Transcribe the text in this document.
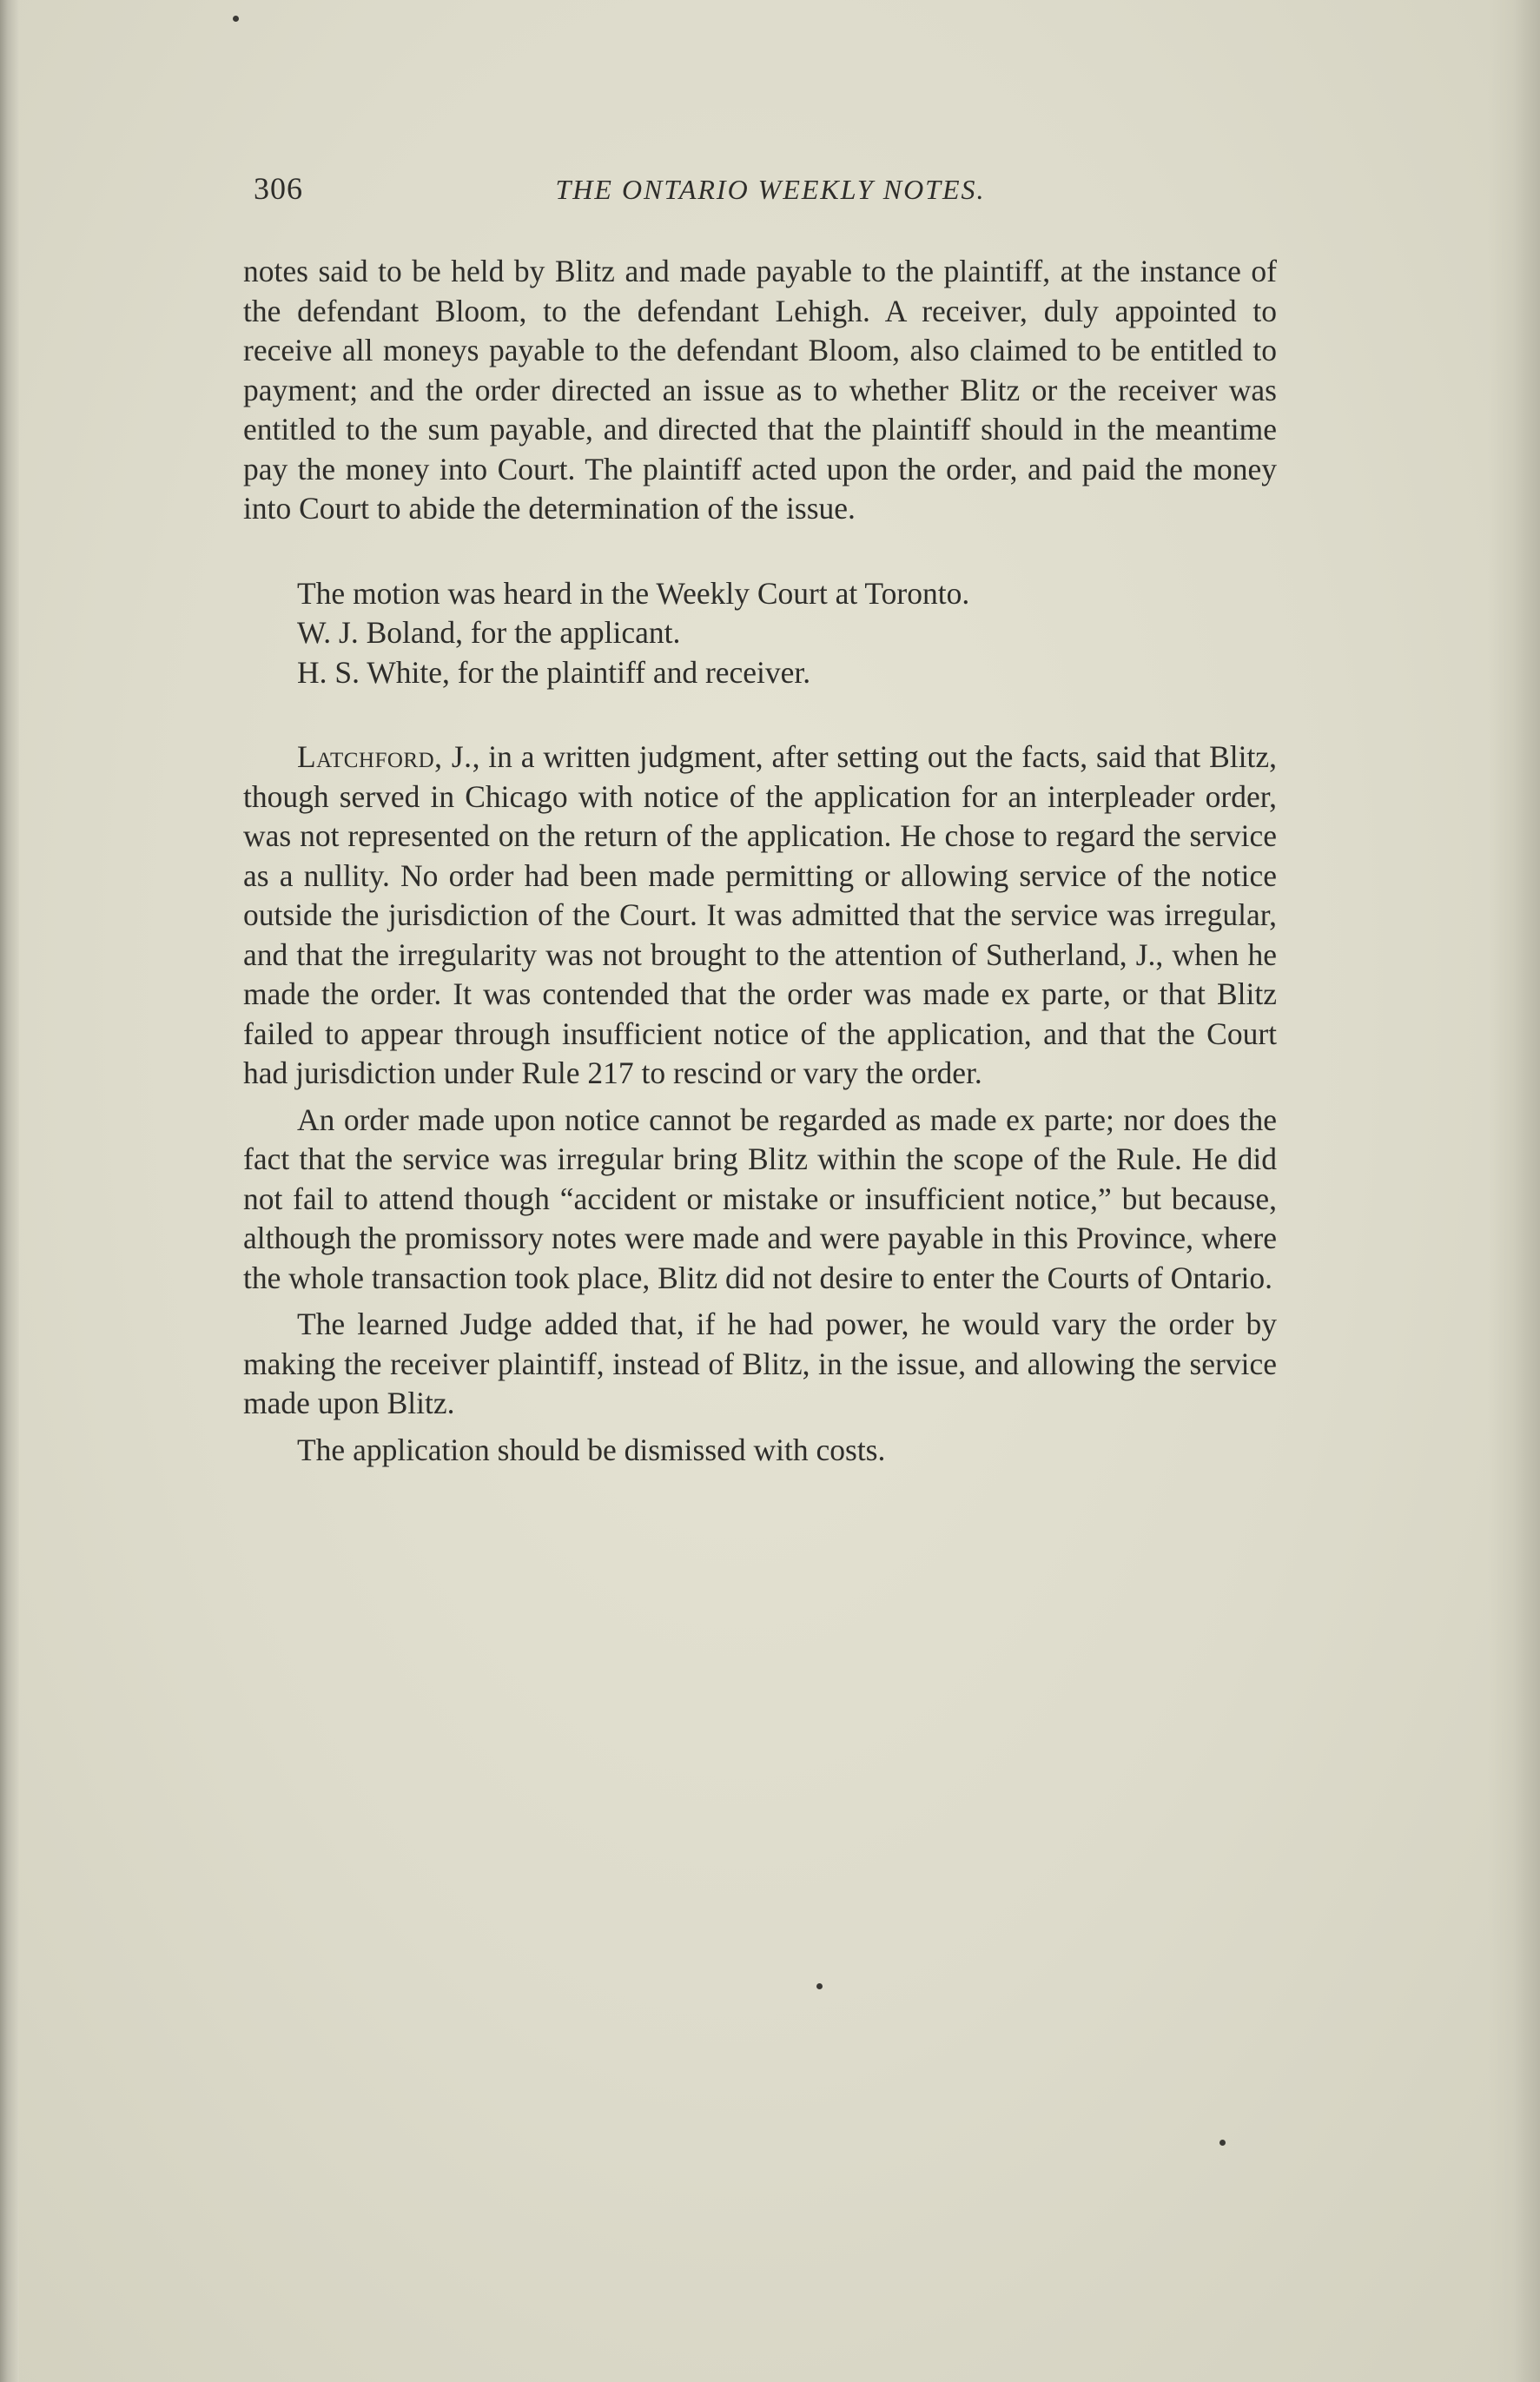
306	THE ONTARIO WEEKLY NOTES.

notes said to be held by Blitz and made payable to the plaintiff, at the instance of the defendant Bloom, to the defendant Lehigh. A receiver, duly appointed to receive all moneys payable to the defendant Bloom, also claimed to be entitled to payment; and the order directed an issue as to whether Blitz or the receiver was entitled to the sum payable, and directed that the plaintiff should in the meantime pay the money into Court. The plaintiff acted upon the order, and paid the money into Court to abide the determination of the issue.

The motion was heard in the Weekly Court at Toronto.

W. J. Boland, for the applicant.

H. S. White, for the plaintiff and receiver.

Latchford, J., in a written judgment, after setting out the facts, said that Blitz, though served in Chicago with notice of the application for an interpleader order, was not represented on the return of the application. He chose to regard the service as a nullity. No order had been made permitting or allowing service of the notice outside the jurisdiction of the Court. It was admitted that the service was irregular, and that the irregularity was not brought to the attention of Sutherland, J., when he made the order. It was contended that the order was made ex parte, or that Blitz failed to appear through insufficient notice of the application, and that the Court had jurisdiction under Rule 217 to rescind or vary the order.

An order made upon notice cannot be regarded as made ex parte; nor does the fact that the service was irregular bring Blitz within the scope of the Rule. He did not fail to attend though “accident or mistake or insufficient notice,” but because, although the promissory notes were made and were payable in this Province, where the whole transaction took place, Blitz did not desire to enter the Courts of Ontario.

The learned Judge added that, if he had power, he would vary the order by making the receiver plaintiff, instead of Blitz, in the issue, and allowing the service made upon Blitz.

The application should be dismissed with costs.
